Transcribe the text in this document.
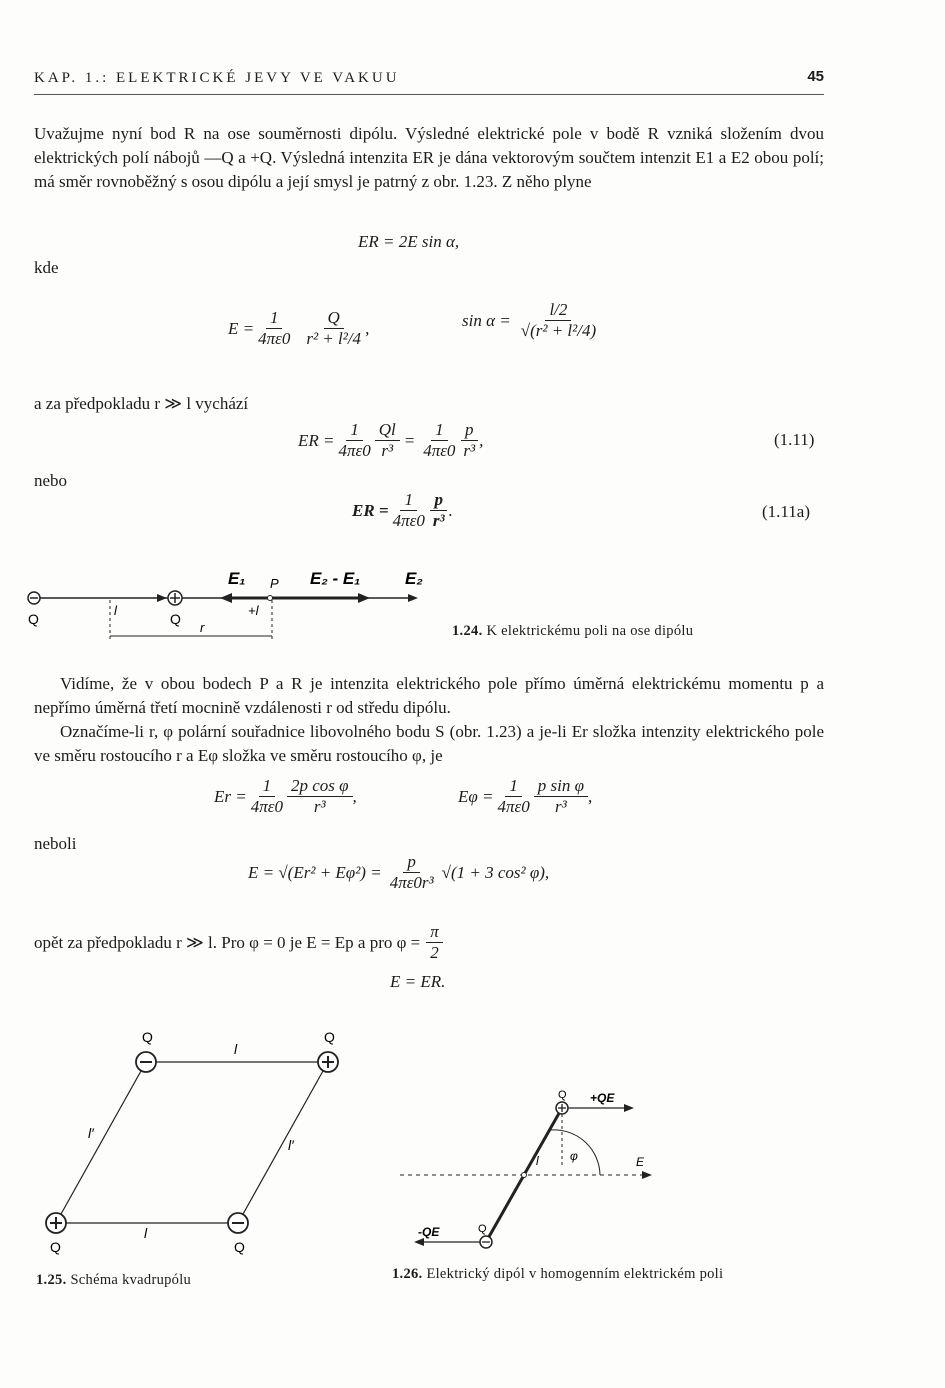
KAP. 1.: ELEKTRICKÉ JEVY VE VAKUU	45

Uvažujme nyní bod R na ose souměrnosti dipólu. Výsledné elektrické pole v bodě R vzniká složením dvou elektrických polí nábojů —Q a +Q. Výsledná intenzita ER je dána vektorovým součtem intenzit E1 a E2 obou polí; má směr rovnoběžný s osou dipólu a její smysl je patrný z obr. 1.23. Z něho plyne

ER = 2E sin α,
kde
$E = \frac{1}{4\pi\varepsilon 0} \frac{Q}{\text{r² + l²/4}}$ ,	$\sin \alpha = \frac{l/2}{\text{√(r² + l²/4)}}$
a za předpokladu r ≫ l vychází
ER = $\frac{1}{4\pi\varepsilon 0} \frac{Ql}{\text{r³}} = \frac{1}{4\pi\varepsilon 0} \frac{p}{\text{r³}}$ ,	(1.11)
nebo
ER = $\frac{1}{4\pi\varepsilon 0} \frac{p}{\text{r³}}$ .	(1.11a)
E₁ P E₂ - E₁	E₂
l	+l
r
Q	Q
1.24. K elektrickému poli na ose dipólu

Vidíme, že v obou bodech P a R je intenzita elektrického pole přímo úměrná elektrickému momentu p a nepřímo úměrná třetí mocnině vzdálenosti r od středu dipólu.

Označíme-li r, φ polární souřadnice libovolného bodu S (obr. 1.23) a je-li Er složka intenzity elektrického pole ve směru rostoucího r a Eφ složka ve směru rostoucího φ, je

$Er = \frac{1}{4\pi\varepsilon 0} \frac{\text{2p cos φ}}{\text{r³}}$ ,	$E\varphi = \frac{1}{4\pi\varepsilon 0} \frac{\text{p sin φ}}{\text{r³}}$ ,
neboli
$E = √(Er^2 + E\varphi^2) = \frac{p}{\text{4πε0r³}} √(1 + 3$ cos² φ),
opět za předpokladu r ≫ l. Pro φ = 0 je E = Ep a pro $\varphi = \frac{\pi}{2}$
E = ER.
Q	Q
Q	Q
l
l
l′
l′
1.25. Schéma kvadrupólu
Q +QE
-QE	Q
l	φ	E
1.26. Elektrický dipól v homogenním elektrickém poli
